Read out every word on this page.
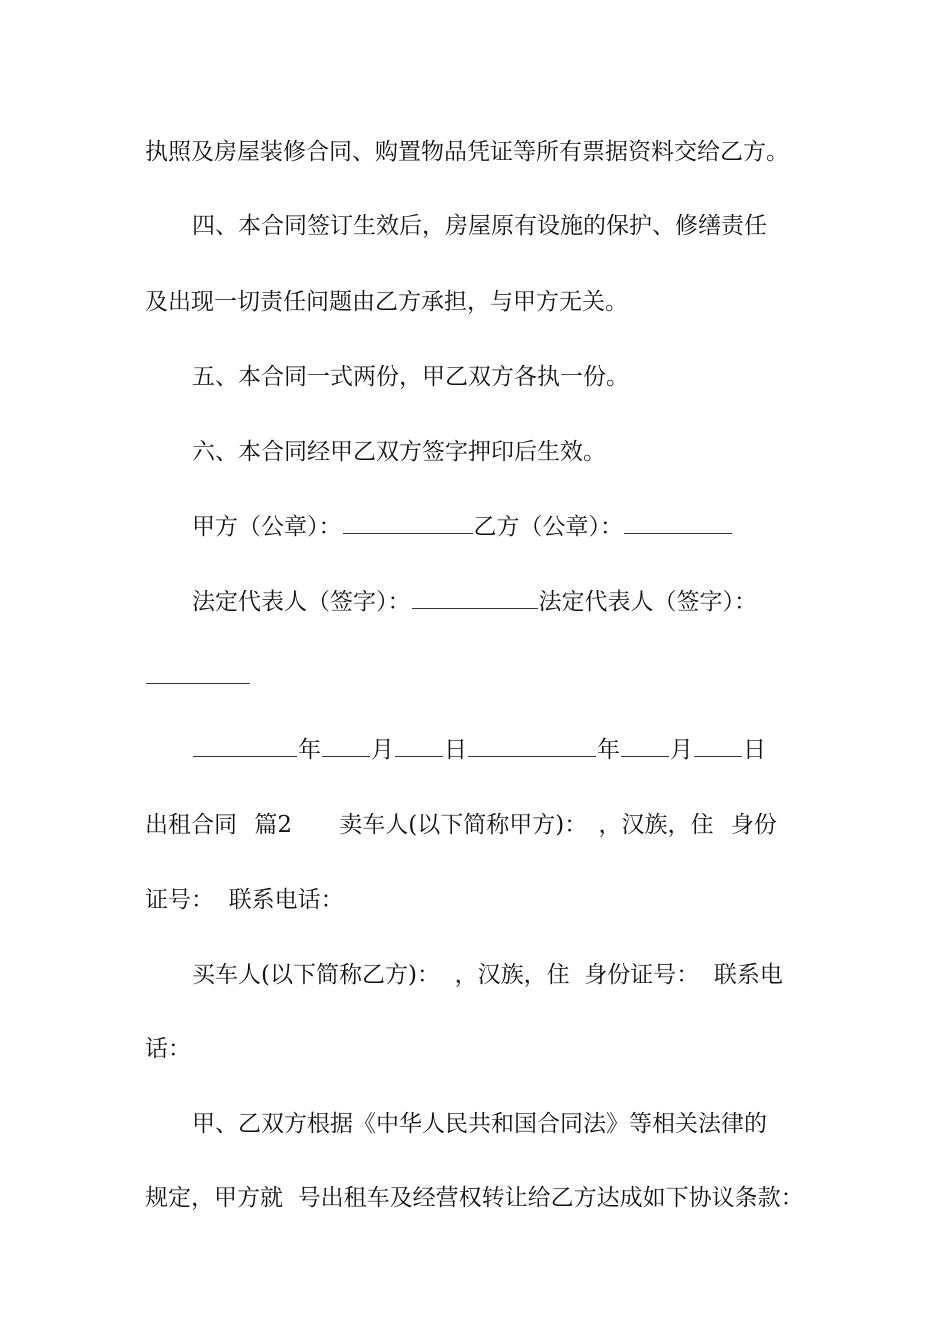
执照及房屋装修合同、购置物品凭证等所有票据资料交给乙方。
四、本合同签订生效后，房屋原有设施的保护、修缮责任
及出现一切责任问题由乙方承担，与甲方无关。
五、本合同一式两份，甲乙双方各执一份。
六、本合同经甲乙双方签字押印后生效。
甲方（公章）：	乙方（公章）：
法定代表人（签字）：	法定代表人（签字）：
年 月 日	年 月 日
出租合同 篇2 卖车人(以下简称甲方)： ，汉族，住 身份
证号：  联系电话：
买车人(以下简称乙方)：  ，汉族，住  身份证号：  联系电
话：
甲、乙双方根据《中华人民共和国合同法》等相关法律的
规定，甲方就  号出租车及经营权转让给乙方达成如下协议条款：
